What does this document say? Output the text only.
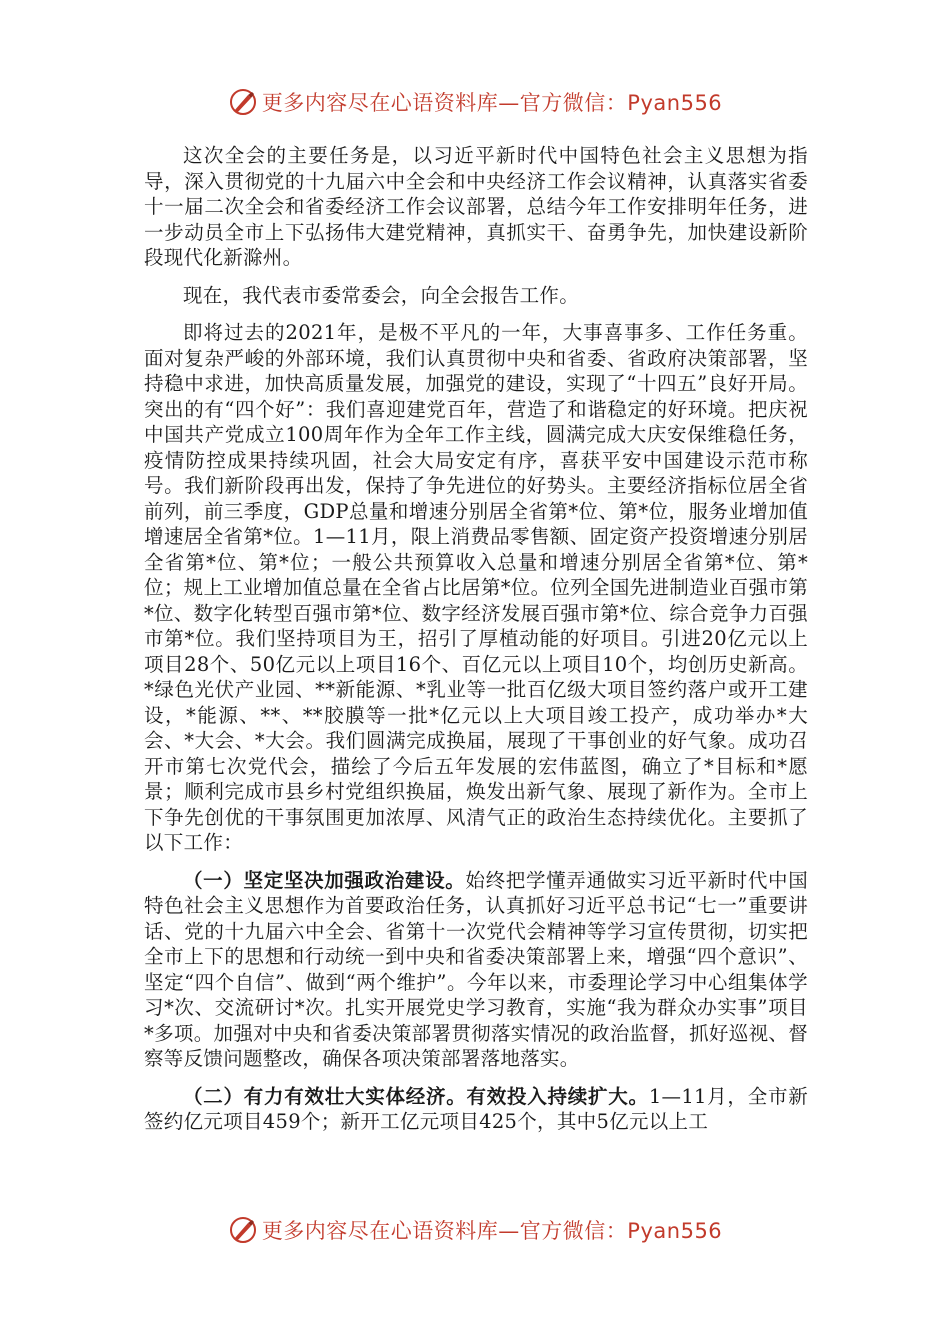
更多内容尽在心语资料库—官方微信：Pyan556

这次全会的主要任务是，以习近平新时代中国特色社会主义思想为指导，深入贯彻党的十九届六中全会和中央经济工作会议精神，认真落实省委十一届二次全会和省委经济工作会议部署，总结今年工作安排明年任务，进一步动员全市上下弘扬伟大建党精神，真抓实干、奋勇争先，加快建设新阶段现代化新滁州。

现在，我代表市委常委会，向全会报告工作。

即将过去的2021年，是极不平凡的一年，大事喜事多、工作任务重。面对复杂严峻的外部环境，我们认真贯彻中央和省委、省政府决策部署，坚持稳中求进，加快高质量发展，加强党的建设，实现了“十四五”良好开局。突出的有“四个好”：我们喜迎建党百年，营造了和谐稳定的好环境。把庆祝中国共产党成立100周年作为全年工作主线，圆满完成大庆安保维稳任务，疫情防控成果持续巩固，社会大局安定有序，喜获平安中国建设示范市称号。我们新阶段再出发，保持了争先进位的好势头。主要经济指标位居全省前列，前三季度，GDP总量和增速分别居全省第*位、第*位，服务业增加值增速居全省第*位。1—11月，限上消费品零售额、固定资产投资增速分别居全省第*位、第*位；一般公共预算收入总量和增速分别居全省第*位、第*位；规上工业增加值总量在全省占比居第*位。位列全国先进制造业百强市第*位、数字化转型百强市第*位、数字经济发展百强市第*位、综合竞争力百强市第*位。我们坚持项目为王，招引了厚植动能的好项目。引进20亿元以上项目28个、50亿元以上项目16个、百亿元以上项目10个，均创历史新高。*绿色光伏产业园、**新能源、*乳业等一批百亿级大项目签约落户或开工建设，*能源、**、**胶膜等一批*亿元以上大项目竣工投产，成功举办*大会、*大会、*大会。我们圆满完成换届，展现了干事创业的好气象。成功召开市第七次党代会，描绘了今后五年发展的宏伟蓝图，确立了*目标和*愿景；顺利完成市县乡村党组织换届，焕发出新气象、展现了新作为。全市上下争先创优的干事氛围更加浓厚、风清气正的政治生态持续优化。主要抓了以下工作：

（一）坚定坚决加强政治建设。始终把学懂弄通做实习近平新时代中国特色社会主义思想作为首要政治任务，认真抓好习近平总书记“七一”重要讲话、党的十九届六中全会、省第十一次党代会精神等学习宣传贯彻，切实把全市上下的思想和行动统一到中央和省委决策部署上来，增强“四个意识”、坚定“四个自信”、做到“两个维护”。今年以来，市委理论学习中心组集体学习*次、交流研讨*次。扎实开展党史学习教育，实施“我为群众办实事”项目*多项。加强对中央和省委决策部署贯彻落实情况的政治监督，抓好巡视、督察等反馈问题整改，确保各项决策部署落地落实。

（二）有力有效壮大实体经济。有效投入持续扩大。1—11月，全市新签约亿元项目459个；新开工亿元项目425个，其中5亿元以上工

更多内容尽在心语资料库—官方微信：Pyan556
